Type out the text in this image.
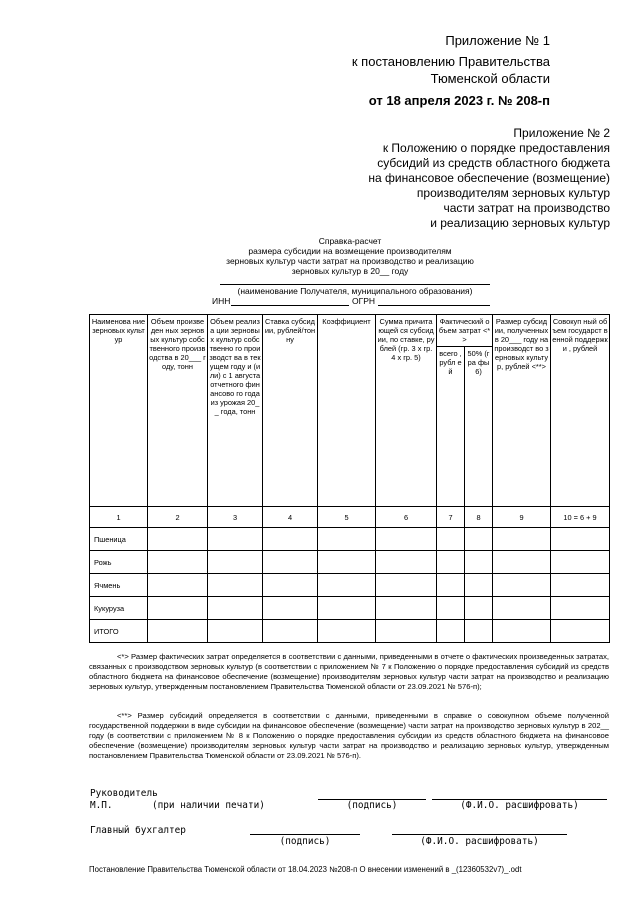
Приложение № 1
к постановлению Правительства
Тюменской области
от 18 апреля 2023 г. № 208-п
Приложение № 2
к Положению о порядке предоставления
субсидий из средств областного бюджета
на финансовое обеспечение (возмещение)
производителям зерновых культур
части затрат на производство
и реализацию зерновых культур
Справка-расчет
размера субсидии на возмещение производителям
зерновых культур части затрат на производство и реализацию
зерновых культур в 20__ году
(наименование Получателя, муниципального образования)
ИНН	ОГРН
Наименова ние зерновых культур	Объем произведен ных зерновых культур собственного производства в 20___ году, тонн	Объем реализа ции зерновых культур собственно го производст ва в текущем году и (или) с 1 августа отчетного финансово го года из урожая 20__ года, тонн	Ставка субсидии, рублей/тон ну	Коэффициент	Сумма причитающей ся субсидии, по ставке, рублей (гр. 3 х гр. 4 х гр. 5)	Фактический объем затрат <*>		Размер субсидии, полученных в 20___ году на производст во зерновых культур, рублей <**>	Совокуп ный объем государст венной поддержки , рублей
						всего , рубл ей	50% (гра фы 6)		
1	2	3	4	5	6	7	8	9	10 = 6 + 9
Пшеница									
Рожь									
Ячмень									
Кукуруза									
ИТОГО									
<*> Размер фактических затрат определяется в соответствии с данными, приведенными в отчете о фактических произведенных затратах, связанных с производством зерновых культур (в соответствии с приложением № 7 к Положению о порядке предоставления субсидий из средств областного бюджета на финансовое обеспечение (возмещение) производителям зерновых культур части затрат на производство и реализацию зерновых культур, утвержденным постановлением Правительства Тюменской области от 23.09.2021 № 576-п);
<**> Размер субсидий определяется в соответствии с данными, приведенными в справке о совокупном объеме полученной государственной поддержки в виде субсидии на финансовое обеспечение (возмещение) части затрат на производство зерновых культур в 202__ году (в соответствии с приложением № 8 к Положению о порядке предоставления субсидии из средств областного бюджета на финансовое обеспечение (возмещение) производителям зерновых культур части затрат на производство и реализацию зерновых культур, утвержденным постановлением Правительства Тюменской области от 23.09.2021 № 576-п).
Руководитель
М.П.	(при наличии печати)	(подпись)	(Ф.И.О. расшифровать)
Главный бухгалтер
(подпись)	(Ф.И.О. расшифровать)
Постановление Правительства Тюменской области от 18.04.2023 №208-п О внесении изменений в _(12360532v7)_.odt
